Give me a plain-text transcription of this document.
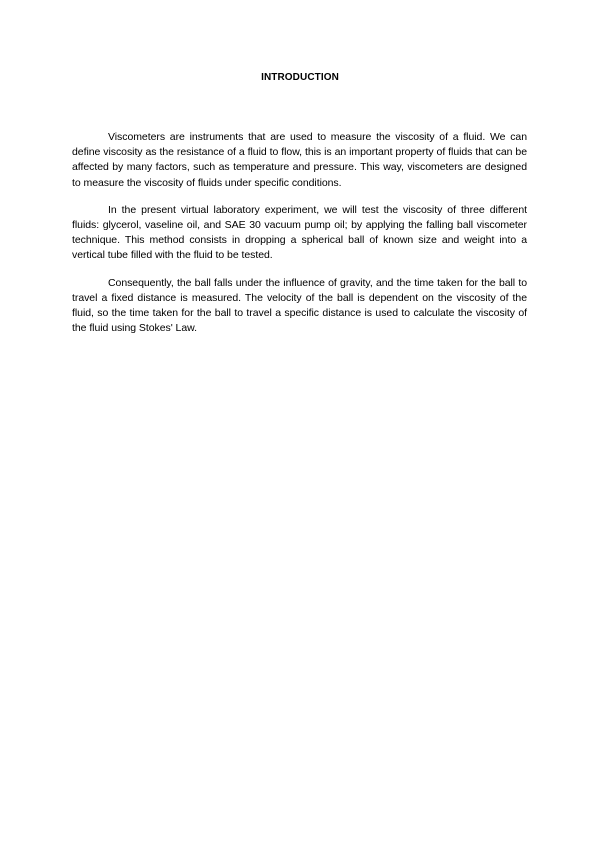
INTRODUCTION

Viscometers are instruments that are used to measure the viscosity of a fluid. We can define viscosity as the resistance of a fluid to flow, this is an important property of fluids that can be affected by many factors, such as temperature and pressure. This way, viscometers are designed to measure the viscosity of fluids under specific conditions.

In the present virtual laboratory experiment, we will test the viscosity of three different fluids: glycerol, vaseline oil, and SAE 30 vacuum pump oil; by applying the falling ball viscometer technique. This method consists in dropping a spherical ball of known size and weight into a vertical tube filled with the fluid to be tested.

Consequently, the ball falls under the influence of gravity, and the time taken for the ball to travel a fixed distance is measured. The velocity of the ball is dependent on the viscosity of the fluid, so the time taken for the ball to travel a specific distance is used to calculate the viscosity of the fluid using Stokes' Law.
